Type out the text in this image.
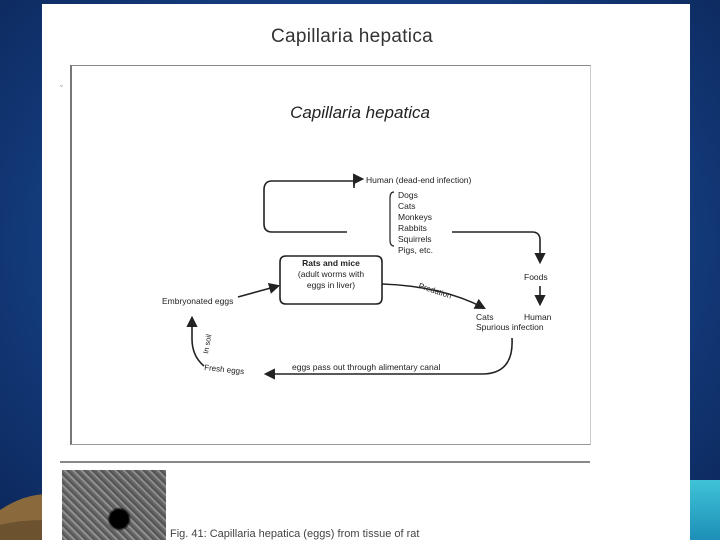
Capillaria hepatica
ˇ
Capillaria hepatica
Human (dead-end infection)
Dogs
Cats
Monkeys
Rabbits
Squirrels
Pigs, etc.
Rats and mice
(adult worms with
eggs in liver)
Foods
Predation
Cats	Human
Spurious infection
eggs pass out through alimentary canal
Fresh eggs
In soil
Embryonated eggs
Fig. 41: Capillaria hepatica (eggs) from tissue of rat
